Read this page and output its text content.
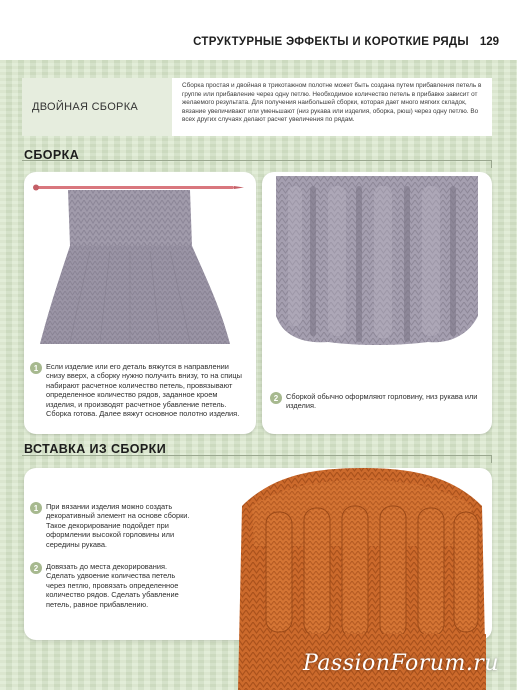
СТРУКТУРНЫЕ ЭФФЕКТЫ И КОРОТКИЕ РЯДЫ 129
ДВОЙНАЯ СБОРКА
Сборка простая и двойная в трикотажном полотне может быть создана путем прибавления петель в группе или прибавление через одну петлю. Необходимое количество петель в прибавке зависит от желаемого результата. Для получения наибольшей сборки, которая дает много мягких складок, вязание увеличивают или уменьшают (низ рукава или изделия, оборка, рюш) через одну петлю. Во всех других случаях делают расчет увеличения по рядам.
СБОРКА
1	Если изделие или его деталь вяжутся в направлении снизу вверх, а сборку нужно получить внизу, то на спицы набирают расчетное количество петель, провязывают определенное количество рядов, заданное кроем изделия, и производят расчетное убавление петель. Сборка готова. Далее вяжут основное полотно изделия.
2	Сборкой обычно оформляют горловину, низ рукава или изделия.
ВСТАВКА ИЗ СБОРКИ
1	При вязании изделия можно создать декоративный элемент на основе сборки. Такое декорирование подойдет при оформлении высокой горловины или середины рукава.
2	Довязать до места декорирования. Сделать удвоение количества петель через петлю, провязать определенное количество рядов. Сделать убавление петель, равное прибавлению.
PassionForum.ru
